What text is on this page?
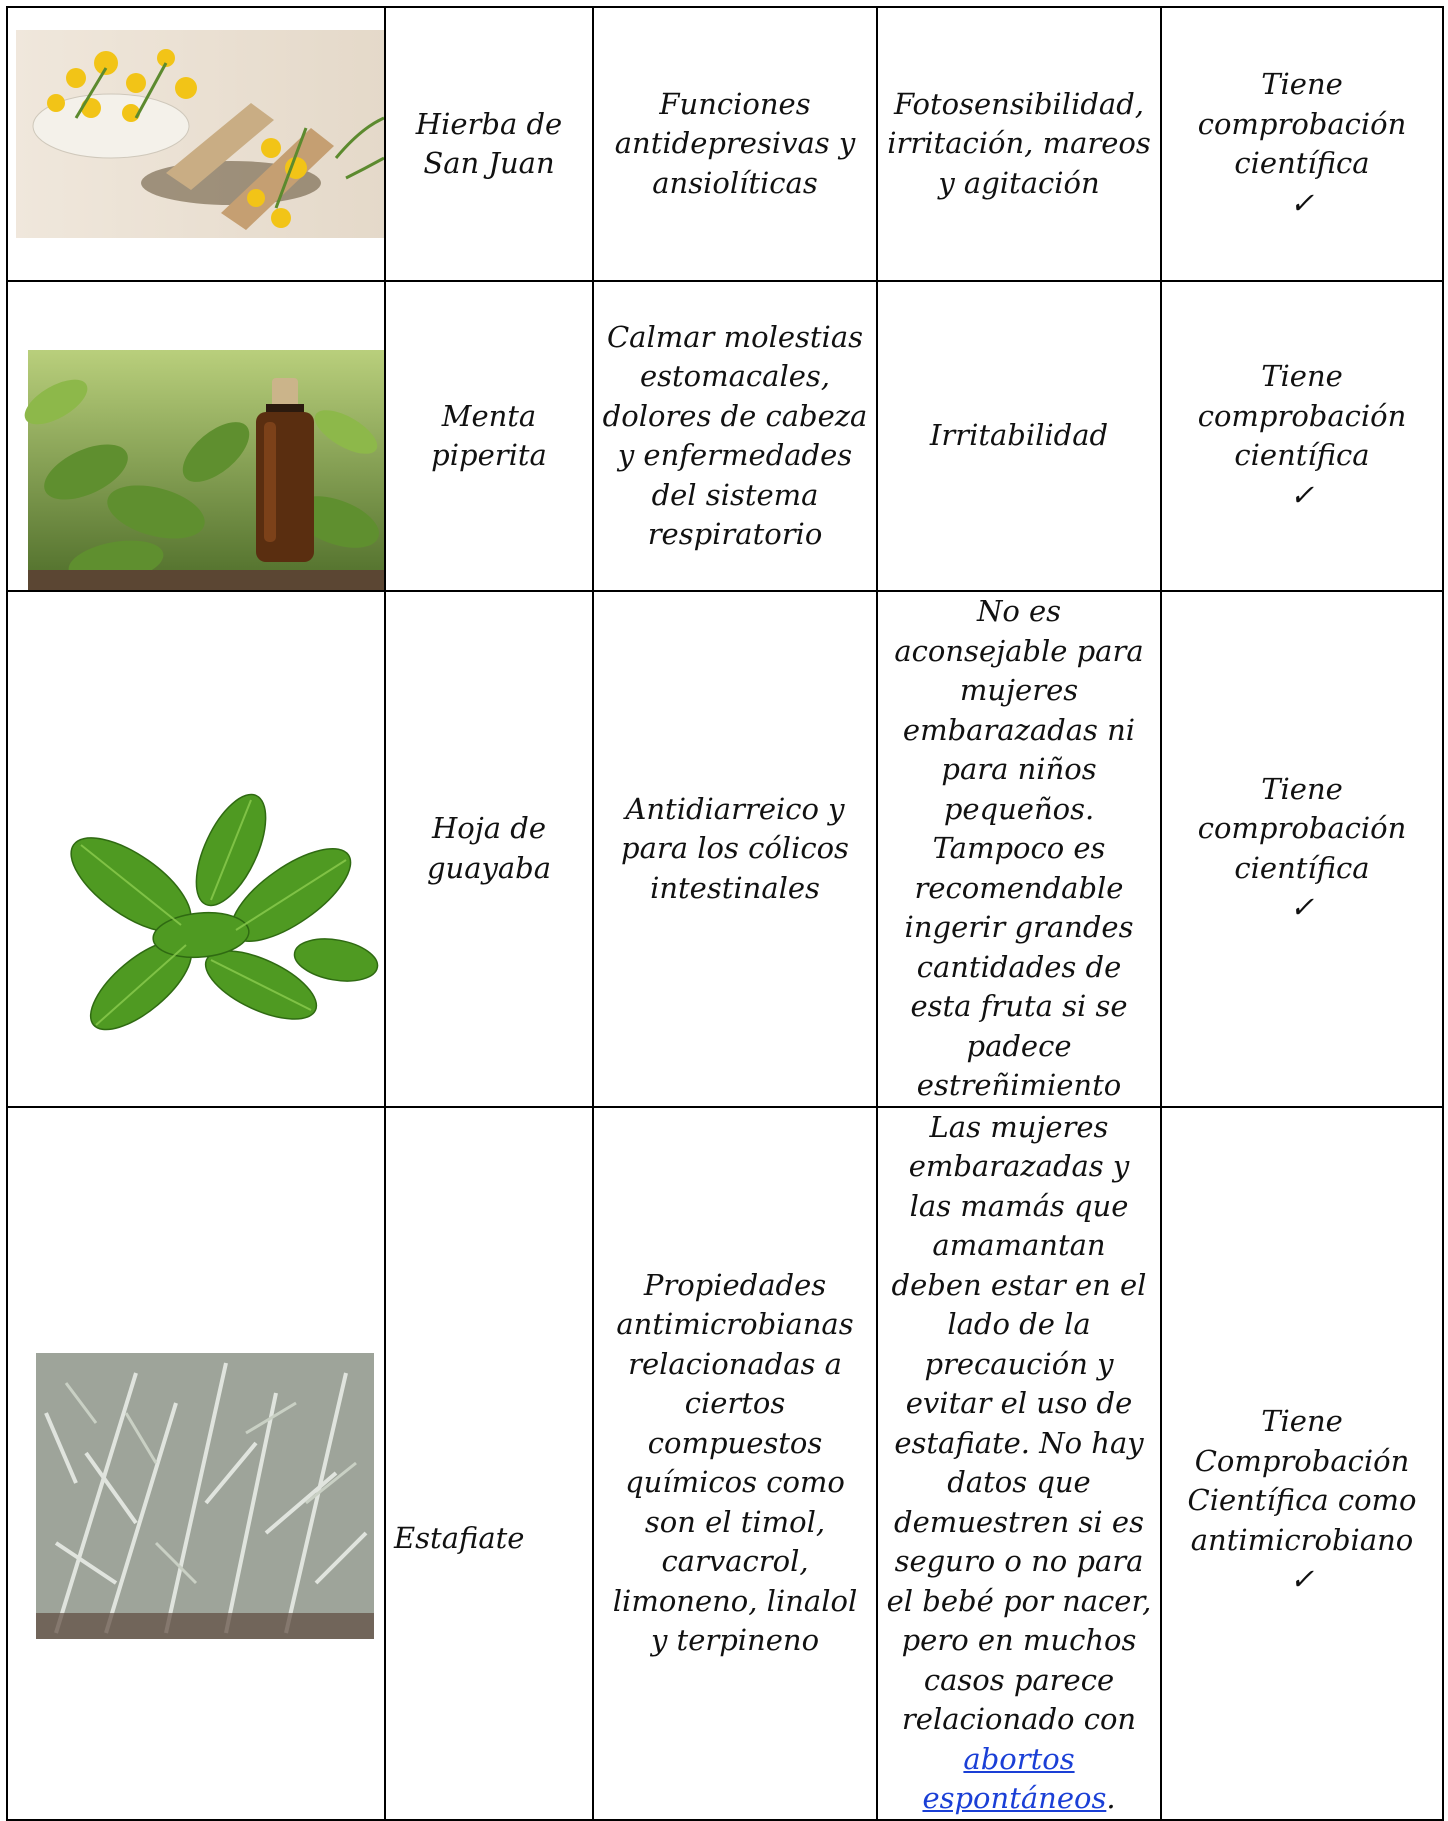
	Hierba de San Juan	Funciones antidepresivas y ansiolíticas	Fotosensibilidad, irritación, mareos y agitación	Tiene comprobación científica
✓

	Menta piperita	Calmar molestias estomacales, dolores de cabeza y enfermedades del sistema respiratorio	Irritabilidad	Tiene comprobación científica
✓

	Hoja de guayaba	Antidiarreico y para los cólicos intestinales	No es aconsejable para mujeres embarazadas ni para niños pequeños. Tampoco es recomendable ingerir grandes cantidades de esta fruta si se padece estreñimiento	Tiene comprobación científica
✓

	Estafiate	Propiedades antimicrobianas relacionadas a ciertos compuestos químicos como son el timol, carvacrol, limoneno, linalol y terpineno	Las mujeres embarazadas y las mamás que amamantan deben estar en el lado de la precaución y evitar el uso de estafiate. No hay datos que demuestren si es seguro o no para el bebé por nacer, pero en muchos casos parece relacionado con abortos espontáneos.	Tiene Comprobación Científica como antimicrobiano
✓
